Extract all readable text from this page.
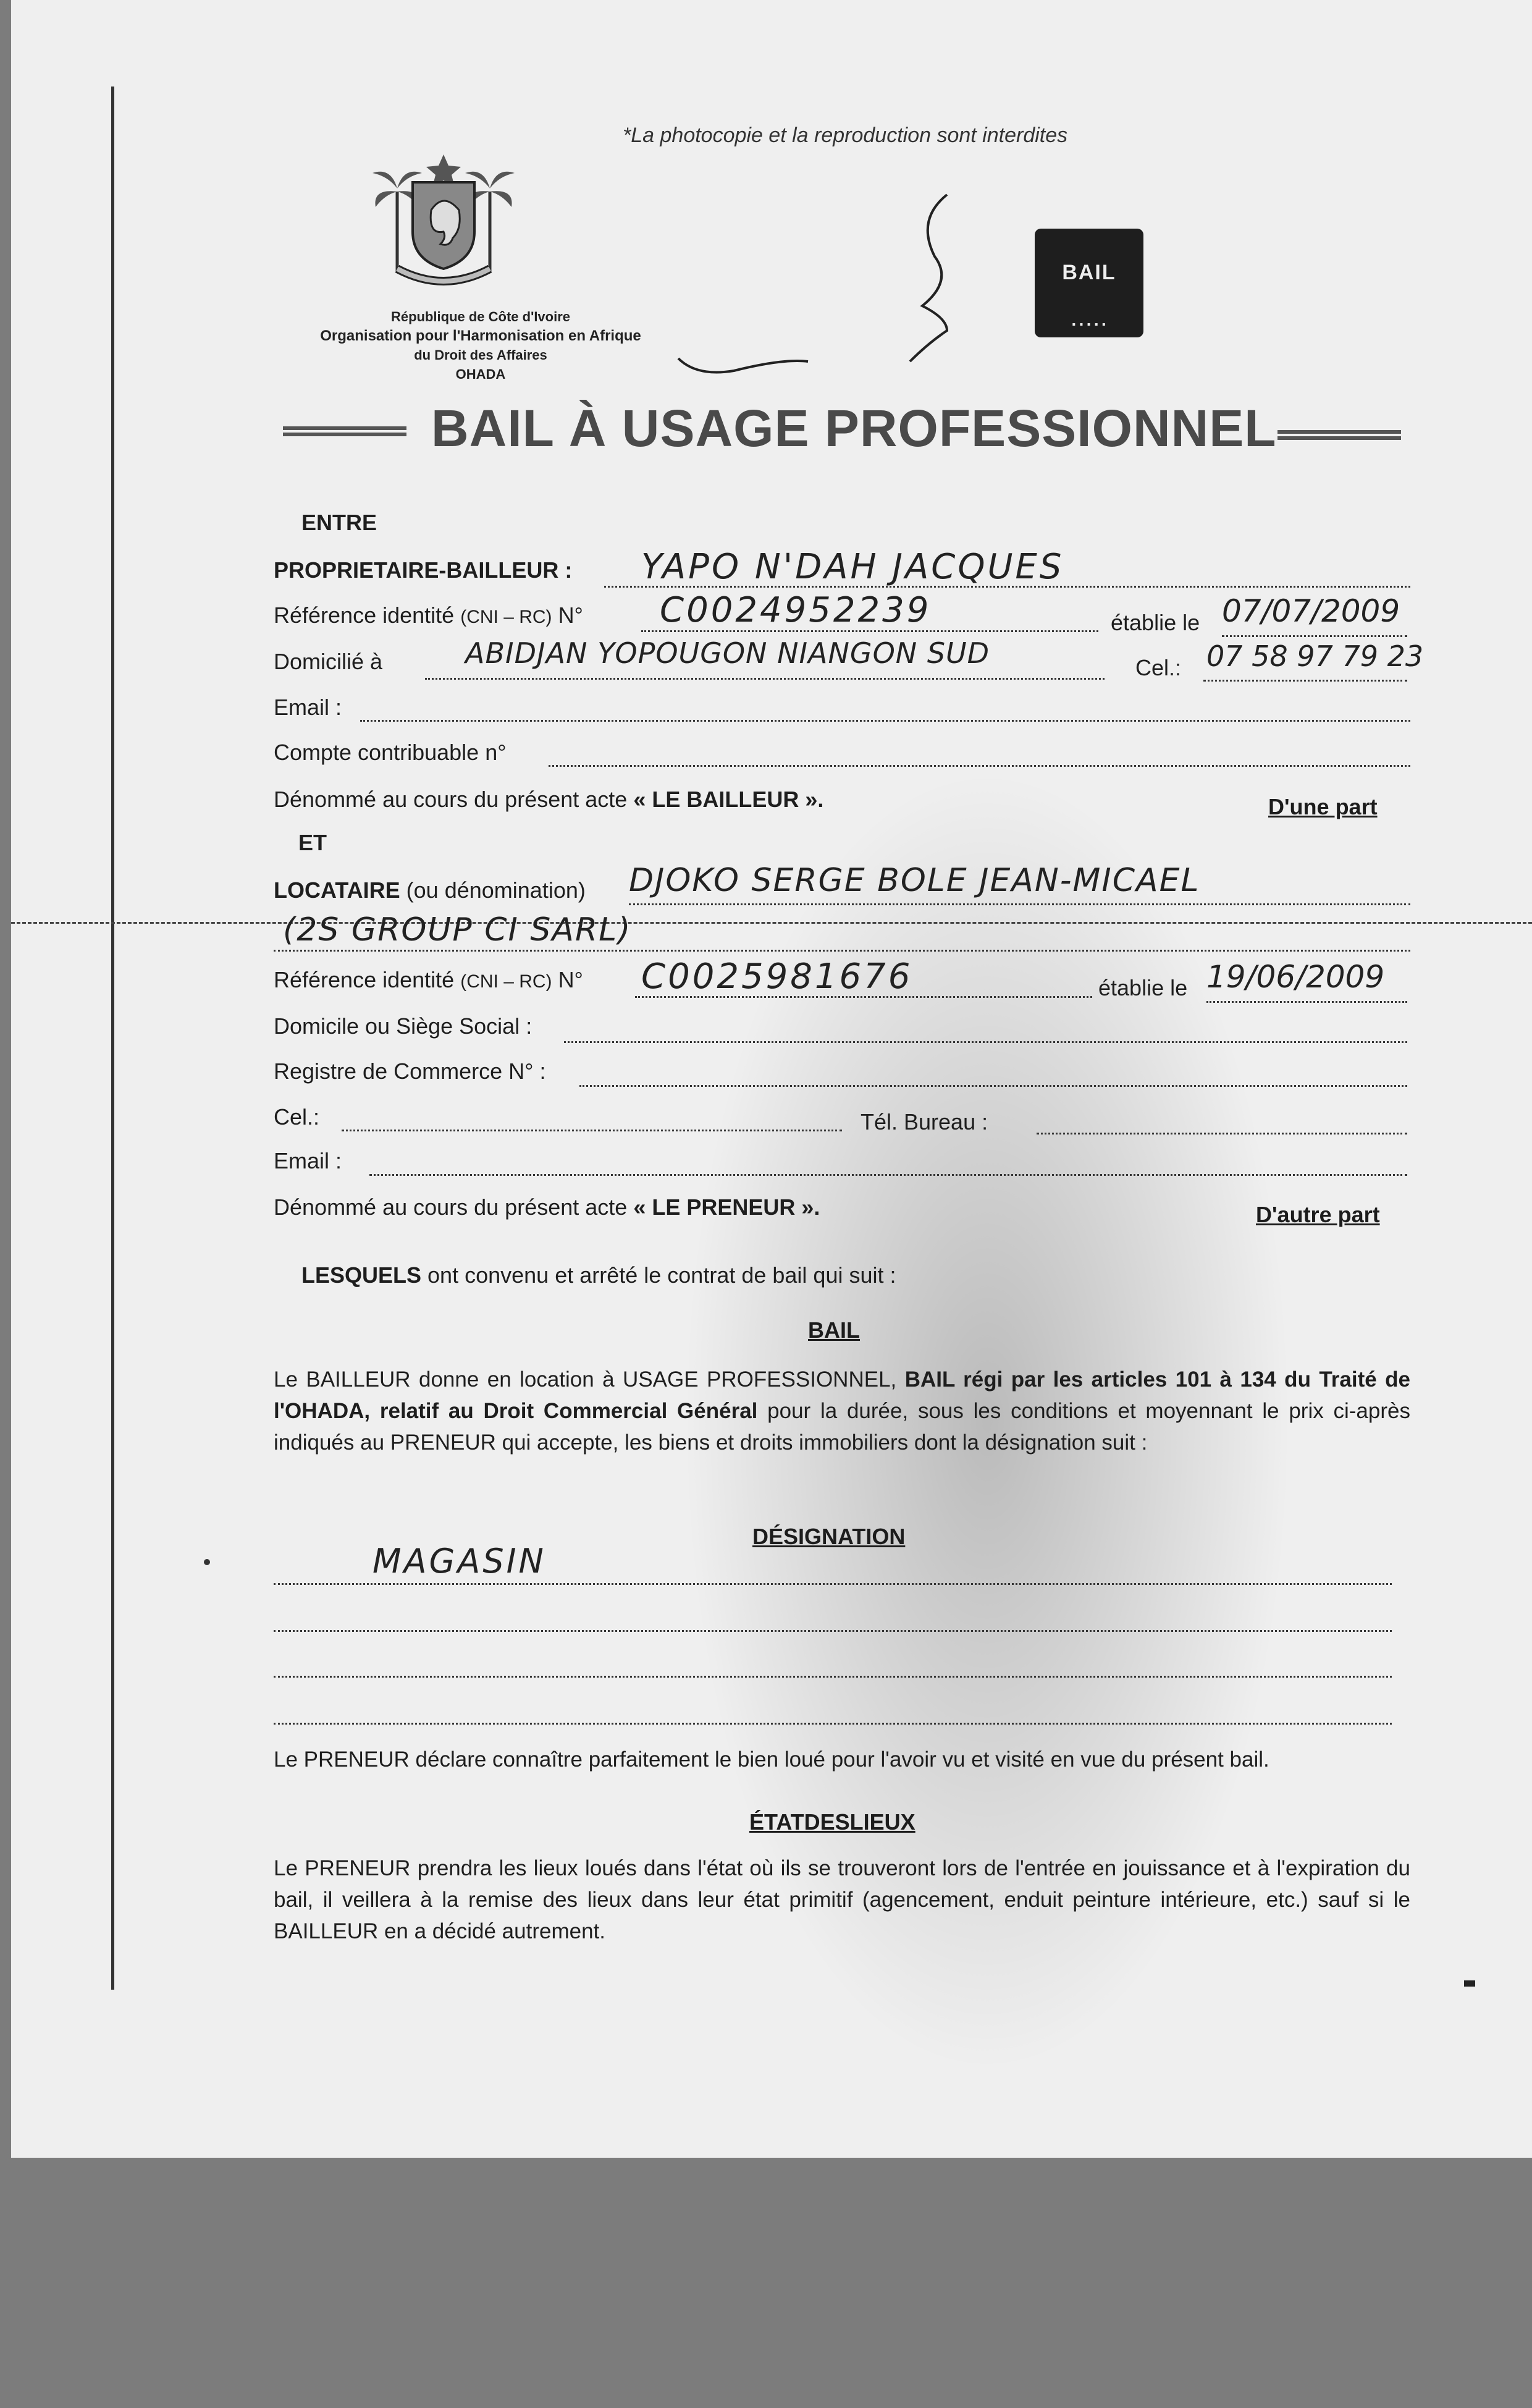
*La photocopie et la reproduction sont interdites
République de Côte d'Ivoire
Organisation pour l'Harmonisation en Afrique
du Droit des Affaires
OHADA
BAIL
▪ ▪ ▪ ▪ ▪
BAIL À USAGE PROFESSIONNEL
ENTRE
PROPRIETAIRE-BAILLEUR : YAPO N'DAH JACQUES
Référence identité (CNI – RC) N° C0024952239	établie le 07/07/2009
Domicilié à	ABIDJAN YOPOUGON NIANGON SUD	Cel.: 07 58 97 79 23
Email :
Compte contribuable n°
Dénommé au cours du présent acte « LE BAILLEUR ».	D'une part
ET
LOCATAIRE (ou dénomination) DJOKO SERGE BOLE JEAN-MICAEL
(2S GROUP CI SARL)
Référence identité (CNI – RC) N° C0025981676	établie le 19/06/2009
Domicile ou Siège Social :
Registre de Commerce N° :
Cel.:	Tél. Bureau :
Email :
Dénommé au cours du présent acte « LE PRENEUR ».	D'autre part
LESQUELS ont convenu et arrêté le contrat de bail qui suit :
BAIL
Le BAILLEUR donne en location à USAGE PROFESSIONNEL, BAIL régi par les articles 101 à 134 du Traité de l'OHADA, relatif au Droit Commercial Général pour la durée, sous les conditions et moyennant le prix ci-après indiqués au PRENEUR qui accepte, les biens et droits immobiliers dont la désignation suit :
DÉSIGNATION
MAGASIN
Le PRENEUR déclare connaître parfaitement le bien loué pour l'avoir vu et visité en vue du présent bail.
ÉTATDESLIEUX
Le PRENEUR prendra les lieux loués dans l'état où ils se trouveront lors de l'entrée en jouissance et à l'expiration du bail, il veillera à la remise des lieux dans leur état primitif (agencement, enduit peinture intérieure, etc.) sauf si le BAILLEUR en a décidé autrement.
